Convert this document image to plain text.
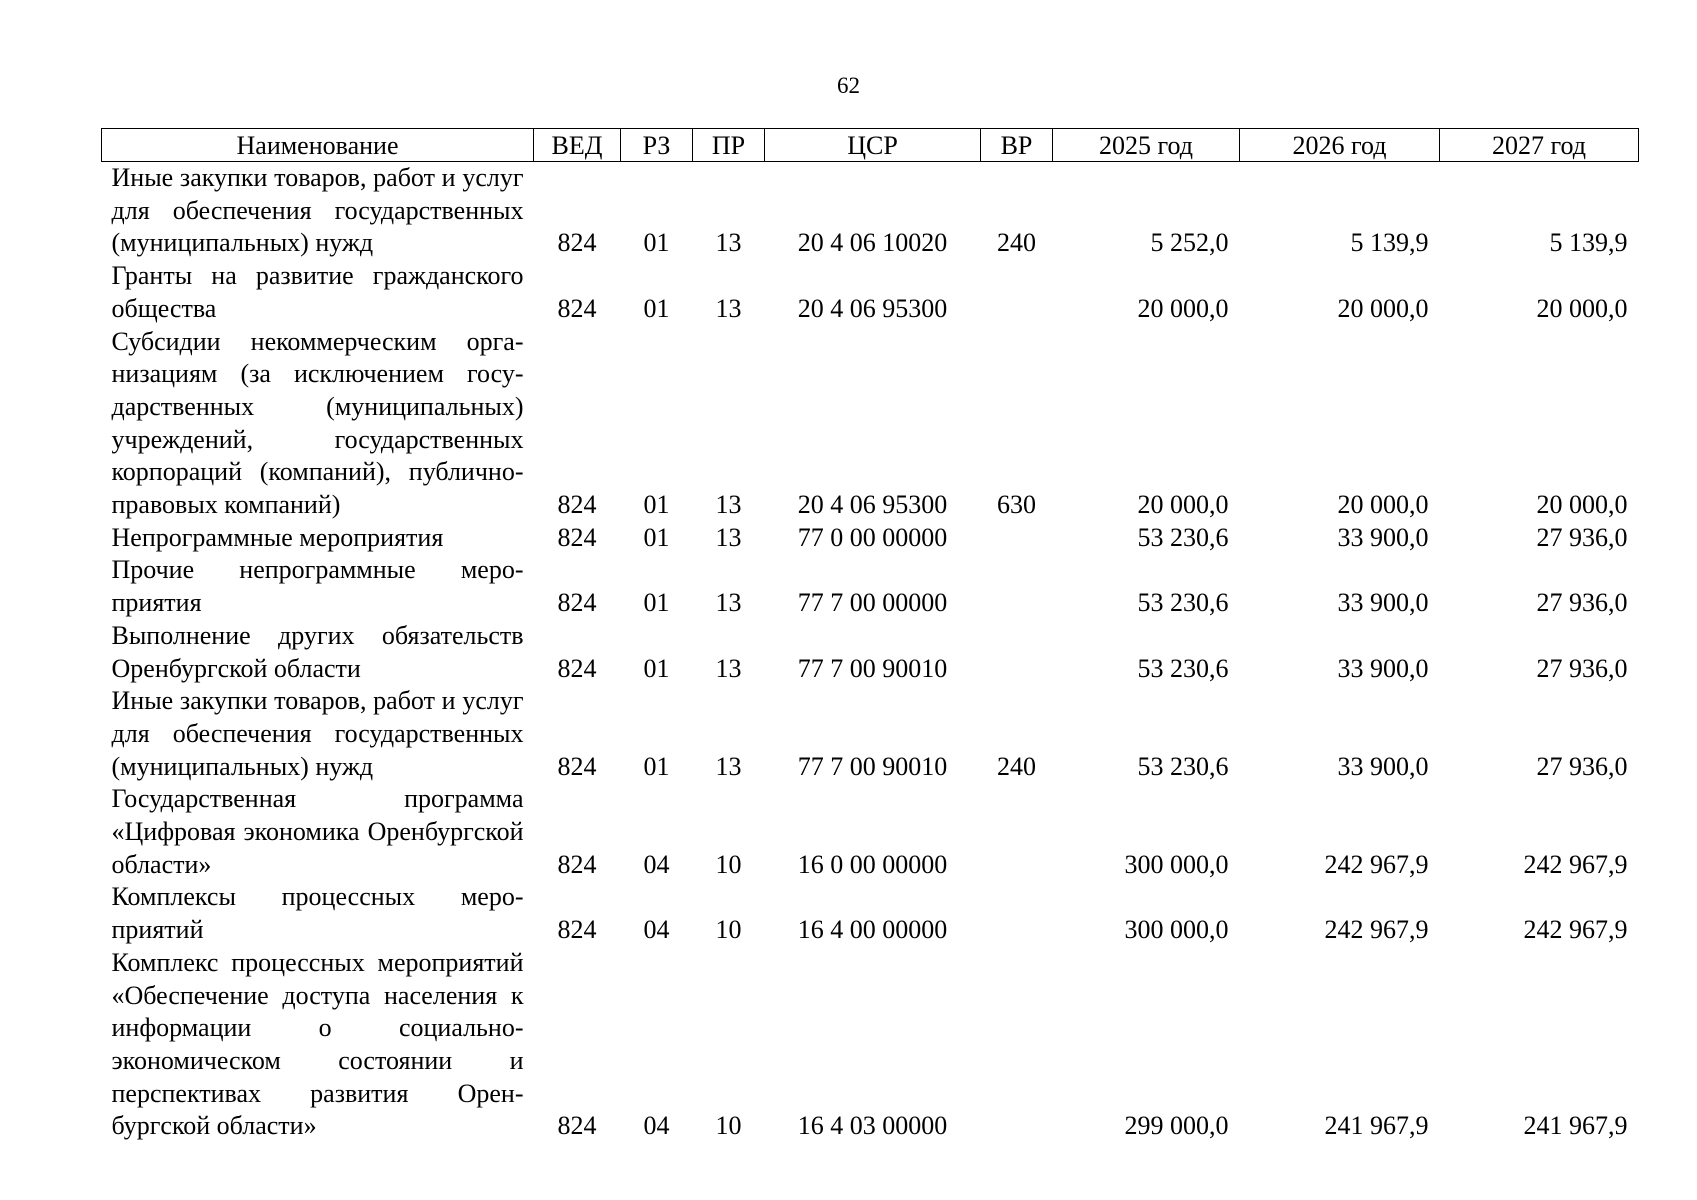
62
Наименование	ВЕД	РЗ	ПР	ЦСР	ВР	2025 год	2026 год	2027 год
Иные закупки товаров, работ и услуг для обеспечения государственных (муниципальных) нужд	824	01	13	20 4 06 10020	240	5 252,0	5 139,9	5 139,9
Гранты на развитие гражданского общества	824	01	13	20 4 06 95300		20 000,0	20 000,0	20 000,0
Субсидии некоммерческим организациям (за исключением государственных (муниципальных) учреждений, государственных корпораций (компаний), публично-правовых компаний)	824	01	13	20 4 06 95300	630	20 000,0	20 000,0	20 000,0
Непрограммные мероприятия	824	01	13	77 0 00 00000		53 230,6	33 900,0	27 936,0
Прочие непрограммные мероприятия	824	01	13	77 7 00 00000		53 230,6	33 900,0	27 936,0
Выполнение других обязательств Оренбургской области	824	01	13	77 7 00 90010		53 230,6	33 900,0	27 936,0
Иные закупки товаров, работ и услуг для обеспечения государственных (муниципальных) нужд	824	01	13	77 7 00 90010	240	53 230,6	33 900,0	27 936,0
Государственная программа «Цифровая экономика Оренбургской области»	824	04	10	16 0 00 00000		300 000,0	242 967,9	242 967,9
Комплексы процессных мероприятий	824	04	10	16 4 00 00000		300 000,0	242 967,9	242 967,9
Комплекс процессных мероприятий «Обеспечение доступа населения к информации о социально-экономическом состоянии и перспективах развития Оренбургской области»	824	04	10	16 4 03 00000		299 000,0	241 967,9	241 967,9
